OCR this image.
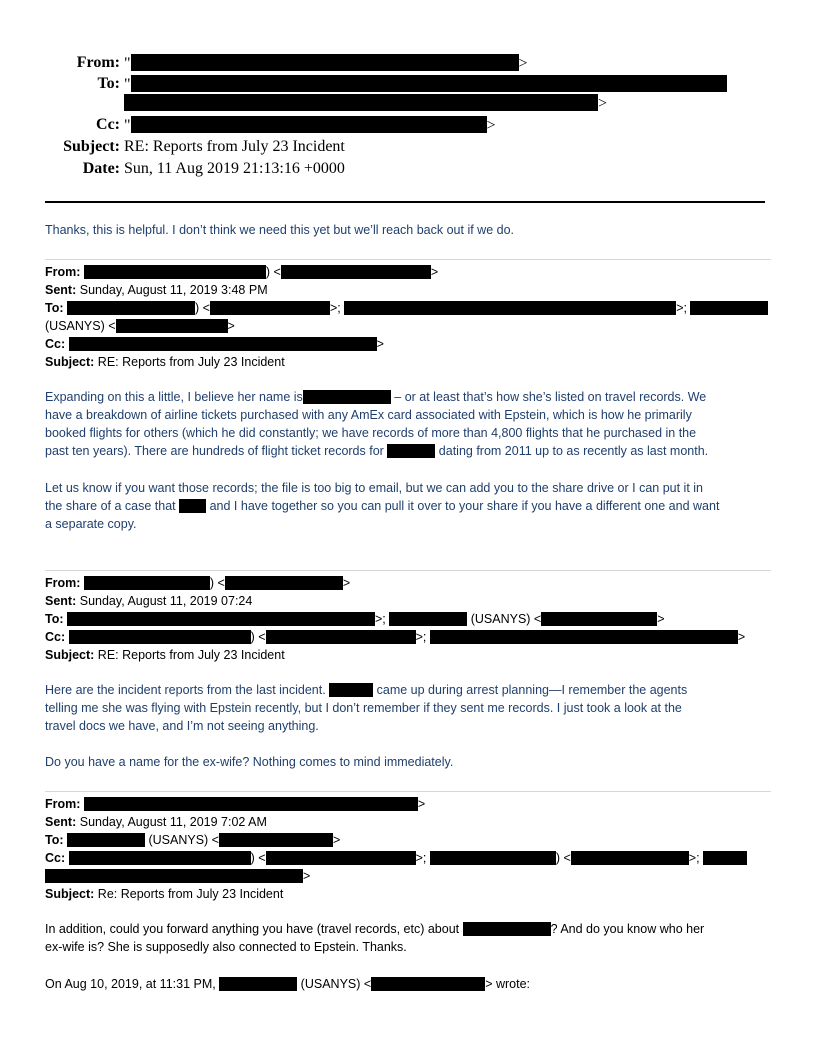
From: "	>
To: "
>
Cc: "	>
Subject: RE: Reports from July 23 Incident
Date: Sun, 11 Aug 2019 21:13:16 +0000
Thanks, this is helpful. I don’t think we need this yet but we’ll reach back out if we do.
From:	) <	>
Sent: Sunday, August 11, 2019 3:48 PM
To:	) <	>;	>;
(USANYS) <	>
Cc:	>
Subject: RE: Reports from July 23 Incident
Expanding on this a little, I believe her name is	– or at least that’s how she’s listed on travel records. We
have a breakdown of airline tickets purchased with any AmEx card associated with Epstein, which is how he primarily
booked flights for others (which he did constantly; we have records of more than 4,800 flights that he purchased in the
past ten years). There are hundreds of flight ticket records for	dating from 2011 up to as recently as last month.
Let us know if you want those records; the file is too big to email, but we can add you to the share drive or I can put it in
the share of a case that  and I have together so you can pull it over to your share if you have a different one and want
a separate copy.
From:	) <	>
Sent: Sunday, August 11, 2019 07:24
To:	>;	(USANYS) <	>
Cc:	) <	>;	>
Subject: RE: Reports from July 23 Incident
Here are the incident reports from the last incident.	came up during arrest planning—I remember the agents
telling me she was flying with Epstein recently, but I don’t remember if they sent me records. I just took a look at the
travel docs we have, and I’m not seeing anything.
Do you have a name for the ex-wife? Nothing comes to mind immediately.
From:	>
Sent: Sunday, August 11, 2019 7:02 AM
To:	(USANYS) <	>
Cc:	) <	>;	) <	>;
>
Subject: Re: Reports from July 23 Incident
In addition, could you forward anything you have (travel records, etc) about	? And do you know who her
ex-wife is? She is supposedly also connected to Epstein. Thanks.
On Aug 10, 2019, at 11:31 PM,	(USANYS) <	> wrote:
